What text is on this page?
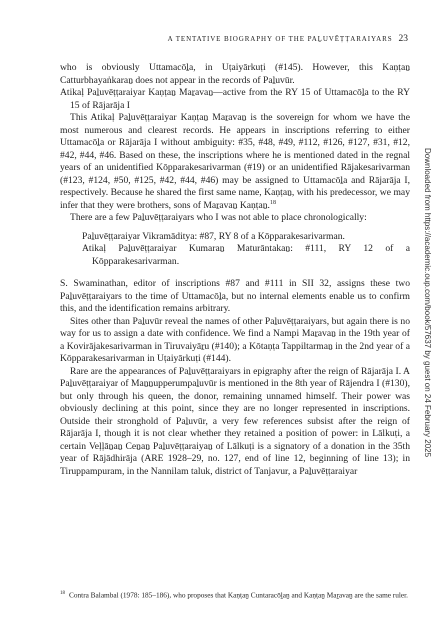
A TENTATIVE BIOGRAPHY OF THE PAḺUVĒṬṬARAIYARS 23

who is obviously Uttamacōḻa, in Uṭaiyārkuṭi (#145). However, this Kaṇṭaṉ Catturbhayaṅkaraṉ does not appear in the records of Paḻuvūr.

Atikaḷ Paḻuvēṭṭaraiyar Kaṇṭaṉ Maṟavaṉ—active from the RY 15 of Uttamacōḻa to the RY 15 of Rājarāja I

This Atikaḷ Paḻuvēṭṭaraiyar Kaṇṭaṉ Maṟavaṉ is the sovereign for whom we have the most numerous and clearest records. He appears in inscriptions referring to either Uttamacōḻa or Rājarāja I without ambiguity: #35, #48, #49, #112, #126, #127, #31, #12, #42, #44, #46. Based on these, the inscriptions where he is mentioned dated in the regnal years of an unidentified Kōpparakesarivarman (#19) or an unidentified Rājakesarivarman (#123, #124, #50, #125, #42, #44, #46) may be assigned to Uttamacōḻa and Rājarāja I, respectively. Because he shared the first same name, Kaṇṭaṉ, with his predecessor, we may infer that they were brothers, sons of Maṟavaṉ Kaṇṭaṉ.$^{18}$

There are a few Paḻuvēṭṭaraiyars who I was not able to place chronologically:

Paḻuvēṭṭaraiyar Vikramāditya: #87, RY 8 of a Kōpparakesarivarman.

Atikaḷ Paḻuvēṭṭaraiyar Kumaraṉ Maturāntakaṉ: #111, RY 12 of a Kōpparakesarivarman.

S. Swaminathan, editor of inscriptions #87 and #111 in SII 32, assigns these two Paḻuvēṭṭaraiyars to the time of Uttamacōḻa, but no internal elements enable us to confirm this, and the identification remains arbitrary.

Sites other than Paḻuvūr reveal the names of other Paḻuvēṭṭaraiyars, but again there is no way for us to assign a date with confidence. We find a Nampi Maṟavaṉ in the 19th year of a Kovirājakesarivarman in Tiruvaiyāṟu (#140); a Kōtaṇṭa Tappiltarmaṉ in the 2nd year of a Kōpparakesarivarman in Uṭaiyārkuṭi (#144).

Rare are the appearances of Paḻuvēṭṭaraiyars in epigraphy after the reign of Rājarāja I. A Paḻuvēṭṭaraiyar of Maṉṉupperumpaḻuvūr is mentioned in the 8th year of Rājendra I (#130), but only through his queen, the donor, remaining unnamed himself. Their power was obviously declining at this point, since they are no longer represented in inscriptions. Outside their stronghold of Paḻuvūr, a very few references subsist after the reign of Rājarāja I, though it is not clear whether they retained a position of power: in Lālkuṭi, a certain Veḷḷāṉaṉ Ceṉaṉ Paḻuvēṭṭaraiyaṉ of Lālkuṭi is a signatory of a donation in the 35th year of Rājādhirāja (ARE 1928–29, no. 127, end of line 12, beginning of line 13); in Tiruppampuram, in the Nannilam taluk, district of Tanjavur, a Paḻuvēṭṭaraiyar

$^{18}$ Contra Balambal (1978: 185–186), who proposes that Kaṇṭaṉ Cuntaracōḻaṉ and Kaṇṭaṉ Maṟavaṉ are the same ruler.
Downloaded from https://academic.oup.com/book/57637 by guest on 24 February 2025
